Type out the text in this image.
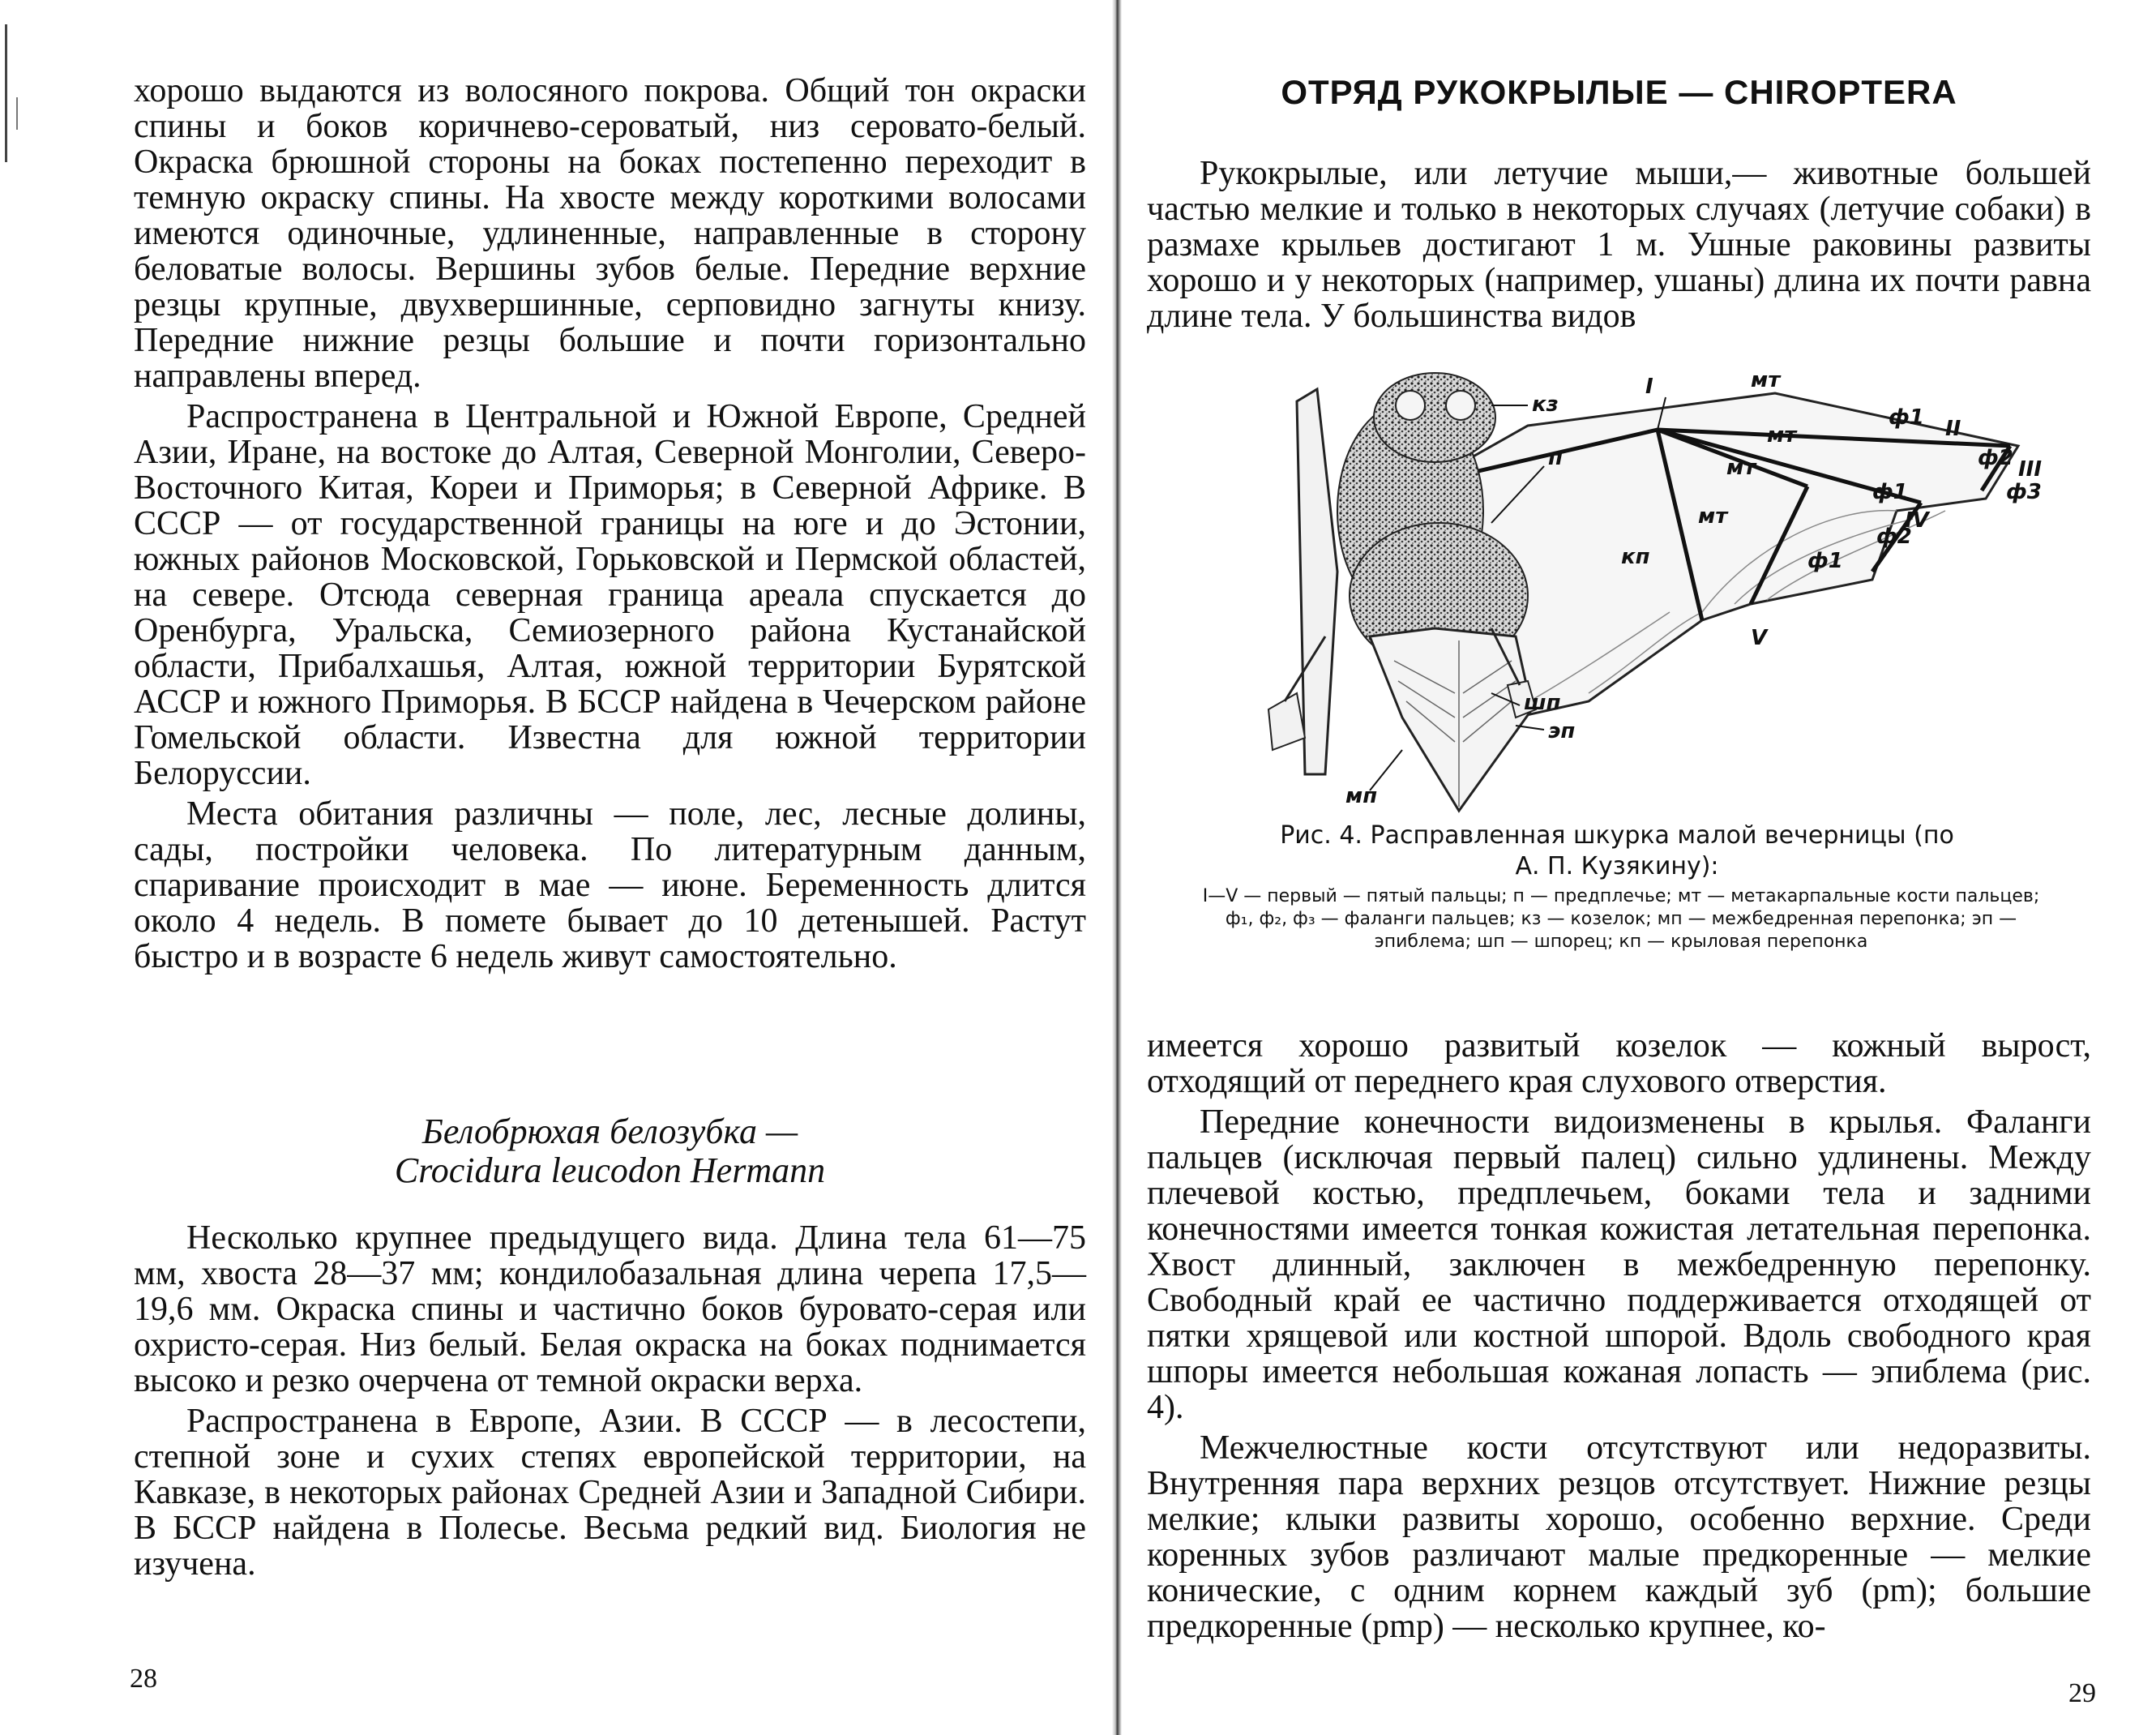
хорошо выдаются из волосяного покрова. Общий тон окраски спины и боков коричнево-сероватый, низ серовато-белый. Окраска брюшной стороны на боках постепенно переходит в темную окраску спины. На хвосте между короткими волосами имеются одиночные, удлиненные, направленные в сторону беловатые волосы. Вершины зубов белые. Передние верхние резцы крупные, двухвершинные, серповидно загнуты книзу. Передние нижние резцы большие и почти горизонтально направлены вперед.

Распространена в Центральной и Южной Европе, Средней Азии, Иране, на востоке до Алтая, Северной Монголии, Северо-Восточного Китая, Кореи и Приморья; в Северной Африке. В СССР — от государственной границы на юге и до Эстонии, южных районов Московской, Горьковской и Пермской областей, на севере. Отсюда северная граница ареала спускается до Оренбурга, Уральска, Семиозерного района Кустанайской области, Прибалхашья, Алтая, южной территории Бурятской АССР и южного Приморья. В БССР найдена в Чечерском районе Гомельской области. Известна для южной территории Белоруссии.

Места обитания различны — поле, лес, лесные долины, сады, постройки человека. По литературным данным, спаривание происходит в мае — июне. Беременность длится около 4 недель. В помете бывает до 10 детенышей. Растут быстро и в возрасте 6 недель живут самостоятельно.

Белобрюхая белозубка —
Crocidura leucodon Hermann

Несколько крупнее предыдущего вида. Длина тела 61—75 мм, хвоста 28—37 мм; кондилобазальная длина черепа 17,5—19,6 мм. Окраска спины и частично боков буровато-серая или охристо-серая. Низ белый. Белая окраска на боках поднимается высоко и резко очерчена от темной окраски верха.

Распространена в Европе, Азии. В СССР — в лесостепи, степной зоне и сухих степях европейской территории, на Кавказе, в некоторых районах Средней Азии и Западной Сибири. В БССР найдена в Полесье. Весьма редкий вид. Биология не изучена.

28
ОТРЯД РУКОКРЫЛЫЕ — CHIROPTERA

Рукокрылые, или летучие мыши,— животные большей частью мелкие и только в некоторых случаях (летучие собаки) в размахе крыльев достигают 1 м. Ушные раковины развиты хорошо и у некоторых (например, ушаны) длина их почти равна длине тела. У большинства видов

кз
п
I	мт
мт
мт
мт
ф1 II
ф2 III
ф3
ф1
IV
ф2
ф1
V
кп
шп
эп
мп
Рис. 4. Расправленная шкурка малой вечерницы (по
А. П. Кузякину):
I—V — первый — пятый пальцы; п — предплечье; мт — метакарпальные кости пальцев; ф₁, ф₂, ф₃ — фаланги пальцев; кз — козелок; мп — межбедренная перепонка; эп — эпиблема; шп — шпорец; кп — крыловая перепонка

имеется хорошо развитый козелок — кожный вырост, отходящий от переднего края слухового отверстия.

Передние конечности видоизменены в крылья. Фаланги пальцев (исключая первый палец) сильно удлинены. Между плечевой костью, предплечьем, боками тела и задними конечностями имеется тонкая кожистая летательная перепонка. Хвост длинный, заключен в межбедренную перепонку. Свободный край ее частично поддерживается отходящей от пятки хрящевой или костной шпорой. Вдоль свободного края шпоры имеется небольшая кожаная лопасть — эпиблема (рис. 4).

Межчелюстные кости отсутствуют или недоразвиты. Внутренняя пара верхних резцов отсутствует. Нижние резцы мелкие; клыки развиты хорошо, особенно верхние. Среди коренных зубов различают малые предкоренные — мелкие конические, с одним корнем каждый зуб (pm); большие предкоренные (pmp) — несколько крупнее, ко-

29
